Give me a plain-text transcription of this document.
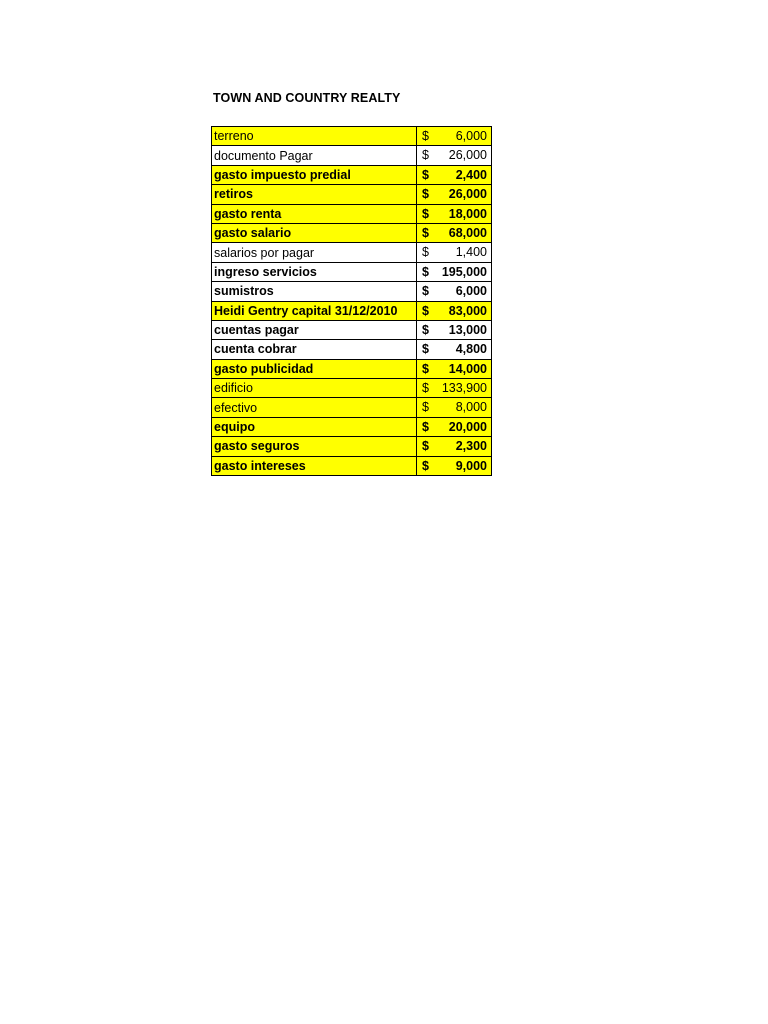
TOWN AND COUNTRY REALTY
terreno	$ 6,000

documento Pagar	$ 26,000

gasto impuesto predial	$ 2,400

retiros	$ 26,000

gasto renta	$ 18,000

gasto salario	$ 68,000

salarios por pagar	$ 1,400

ingreso servicios	$ 195,000

sumistros	$ 6,000

Heidi Gentry capital 31/12/2010	$ 83,000

cuentas pagar	$ 13,000

cuenta cobrar	$ 4,800

gasto publicidad	$ 14,000

edificio	$ 133,900

efectivo	$ 8,000

equipo	$ 20,000

gasto seguros	$ 2,300

gasto intereses	$ 9,000
